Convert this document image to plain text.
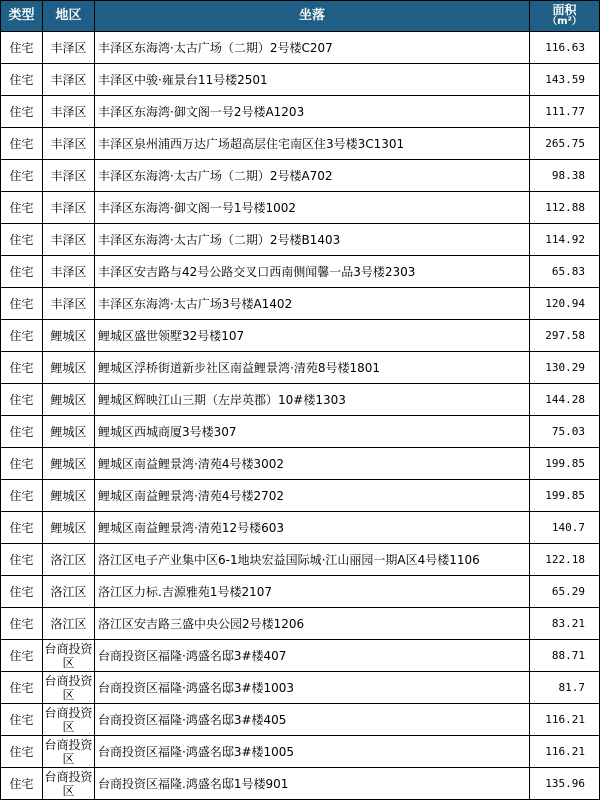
类型	地区	坐落	面积
（m²）

住宅	丰泽区	丰泽区东海湾·太古广场（二期）2号楼C207	116.63
住宅	丰泽区	丰泽区中骏·雍景台11号楼2501	143.59
住宅	丰泽区	丰泽区东海湾·御文阁一号2号楼A1203	111.77
住宅	丰泽区	丰泽区泉州浦西万达广场超高层住宅南区住3号楼3C1301	265.75
住宅	丰泽区	丰泽区东海湾·太古广场（二期）2号楼A702	98.38
住宅	丰泽区	丰泽区东海湾·御文阁一号1号楼1002	112.88
住宅	丰泽区	丰泽区东海湾·太古广场（二期）2号楼B1403	114.92
住宅	丰泽区	丰泽区安吉路与42号公路交叉口西南侧闻馨一品3号楼2303	65.83
住宅	丰泽区	丰泽区东海湾·太古广场3号楼A1402	120.94
住宅	鲤城区	鲤城区盛世领墅32号楼107	297.58
住宅	鲤城区	鲤城区浮桥街道新步社区南益鲤景湾·清苑8号楼1801	130.29
住宅	鲤城区	鲤城区辉映江山三期（左岸英郡）10#楼1303	144.28
住宅	鲤城区	鲤城区西城商厦3号楼307	75.03
住宅	鲤城区	鲤城区南益鲤景湾·清苑4号楼3002	199.85
住宅	鲤城区	鲤城区南益鲤景湾·清苑4号楼2702	199.85
住宅	鲤城区	鲤城区南益鲤景湾·清苑12号楼603	140.7
住宅	洛江区	洛江区电子产业集中区6-1地块宏益国际城·江山丽园一期A区4号楼1106	122.18
住宅	洛江区	洛江区力标.吉源雅苑1号楼2107	65.29
住宅	洛江区	洛江区安吉路三盛中央公园2号楼1206	83.21
住宅	台商投资区	台商投资区福隆·鸿盛名邸3#楼407	88.71
住宅	台商投资区	台商投资区福隆·鸿盛名邸3#楼1003	81.7
住宅	台商投资区	台商投资区福隆·鸿盛名邸3#楼405	116.21
住宅	台商投资区	台商投资区福隆·鸿盛名邸3#楼1005	116.21
住宅	台商投资区	台商投资区福隆.鸿盛名邸1号楼901	135.96
